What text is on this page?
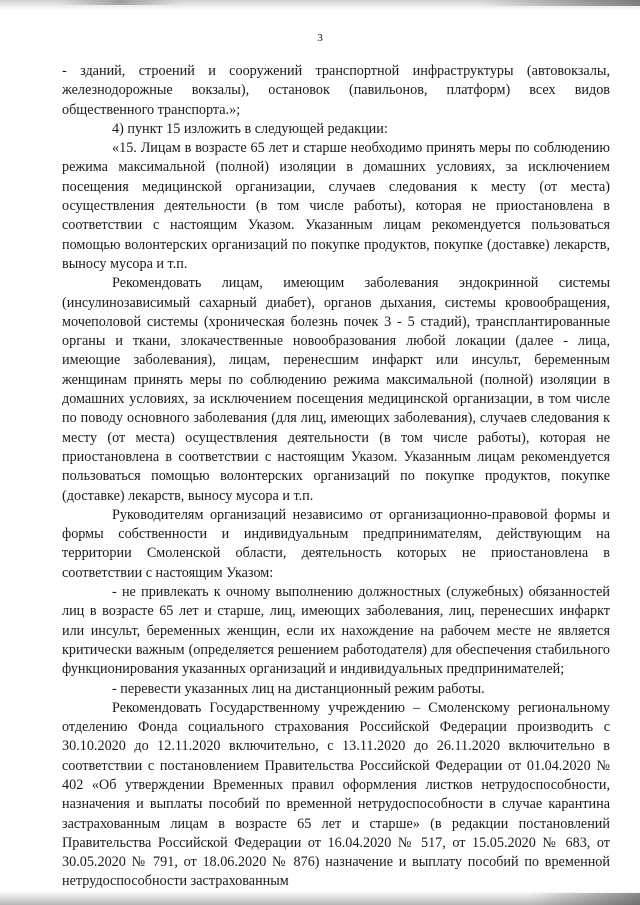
3

- зданий, строений и сооружений транспортной инфраструктуры (автовокзалы, железнодорожные вокзалы), остановок (павильонов, платформ) всех видов общественного транспорта.»;

4) пункт 15 изложить в следующей редакции:

«15. Лицам в возрасте 65 лет и старше необходимо принять меры по соблюдению режима максимальной (полной) изоляции в домашних условиях, за исключением посещения медицинской организации, случаев следования к месту (от места) осуществления деятельности (в том числе работы), которая не приостановлена в соответствии с настоящим Указом. Указанным лицам рекомендуется пользоваться помощью волонтерских организаций по покупке продуктов, покупке (доставке) лекарств, выносу мусора и т.п.

Рекомендовать лицам, имеющим заболевания эндокринной системы (инсулинозависимый сахарный диабет), органов дыхания, системы кровообращения, мочеполовой системы (хроническая болезнь почек 3 - 5 стадий), трансплантированные органы и ткани, злокачественные новообразования любой локации (далее - лица, имеющие заболевания), лицам, перенесшим инфаркт или инсульт, беременным женщинам принять меры по соблюдению режима максимальной (полной) изоляции в домашних условиях, за исключением посещения медицинской организации, в том числе по поводу основного заболевания (для лиц, имеющих заболевания), случаев следования к месту (от места) осуществления деятельности (в том числе работы), которая не приостановлена в соответствии с настоящим Указом. Указанным лицам рекомендуется пользоваться помощью волонтерских организаций по покупке продуктов, покупке (доставке) лекарств, выносу мусора и т.п.

Руководителям организаций независимо от организационно-правовой формы и формы собственности и индивидуальным предпринимателям, действующим на территории Смоленской области, деятельность которых не приостановлена в соответствии с настоящим Указом:

- не привлекать к очному выполнению должностных (служебных) обязанностей лиц в возрасте 65 лет и старше, лиц, имеющих заболевания, лиц, перенесших инфаркт или инсульт, беременных женщин, если их нахождение на рабочем месте не является критически важным (определяется решением работодателя) для обеспечения стабильного функционирования указанных организаций и индивидуальных предпринимателей;

- перевести указанных лиц на дистанционный режим работы.

Рекомендовать Государственному учреждению – Смоленскому региональному отделению Фонда социального страхования Российской Федерации производить с 30.10.2020 до 12.11.2020 включительно, с 13.11.2020 до 26.11.2020 включительно в соответствии с постановлением Правительства Российской Федерации от 01.04.2020 № 402 «Об утверждении Временных правил оформления листков нетрудоспособности, назначения и выплаты пособий по временной нетрудоспособности в случае карантина застрахованным лицам в возрасте 65 лет и старше» (в редакции постановлений Правительства Российской Федерации от 16.04.2020 № 517, от 15.05.2020 № 683, от 30.05.2020 № 791, от 18.06.2020 № 876) назначение и выплату пособий по временной нетрудоспособности застрахованным
